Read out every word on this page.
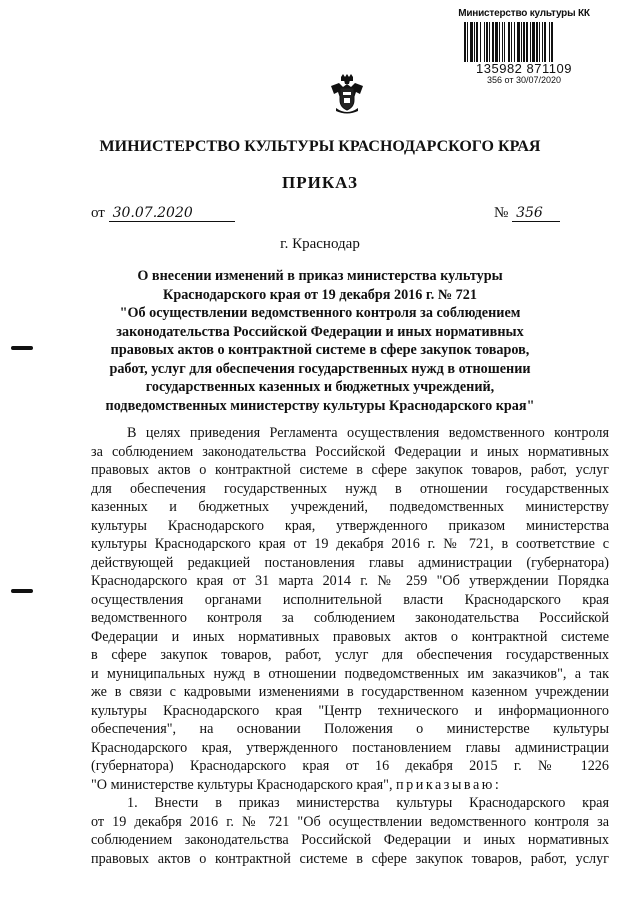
Министерство культуры КК
135982 871109
356 от 30/07/2020
МИНИСТЕРСТВО КУЛЬТУРЫ КРАСНОДАРСКОГО КРАЯ
ПРИКАЗ
от 30.07.2020	№ 356
г. Краснодар
О внесении изменений в приказ министерства культуры
Краснодарского края от 19 декабря 2016 г. № 721
"Об осуществлении ведомственного контроля за соблюдением
законодательства Российской Федерации и иных нормативных
правовых актов о контрактной системе в сфере закупок товаров,
работ, услуг для обеспечения государственных нужд в отношении
государственных казенных и бюджетных учреждений,
подведомственных министерству культуры Краснодарского края"
В целях приведения Регламента осуществления ведомственного контроля
за соблюдением законодательства Российской Федерации и иных нормативных
правовых актов о контрактной системе в сфере закупок товаров, работ, услуг
для обеспечения государственных нужд в отношении государственных
казенных и бюджетных учреждений, подведомственных министерству
культуры Краснодарского края, утвержденного приказом министерства
культуры Краснодарского края от 19 декабря 2016 г. № 721, в соответствие с
действующей редакцией постановления главы администрации (губернатора)
Краснодарского края от 31 марта 2014 г. № 259 "Об утверждении Порядка
осуществления органами исполнительной власти Краснодарского края
ведомственного контроля за соблюдением законодательства Российской
Федерации и иных нормативных правовых актов о контрактной системе
в сфере закупок товаров, работ, услуг для обеспечения государственных
и муниципальных нужд в отношении подведомственных им заказчиков", а так
же в связи с кадровыми изменениями в государственном казенном учреждении
культуры Краснодарского края "Центр технического и информационного
обеспечения", на основании Положения о министерстве культуры
Краснодарского края, утвержденного постановлением главы администрации
(губернатора) Краснодарского края от 16 декабря 2015 г. № 1226
"О министерстве культуры Краснодарского края", приказываю:
1. Внести в приказ министерства культуры Краснодарского края
от 19 декабря 2016 г. № 721 "Об осуществлении ведомственного контроля за
соблюдением законодательства Российской Федерации и иных нормативных
правовых актов о контрактной системе в сфере закупок товаров, работ, услуг
